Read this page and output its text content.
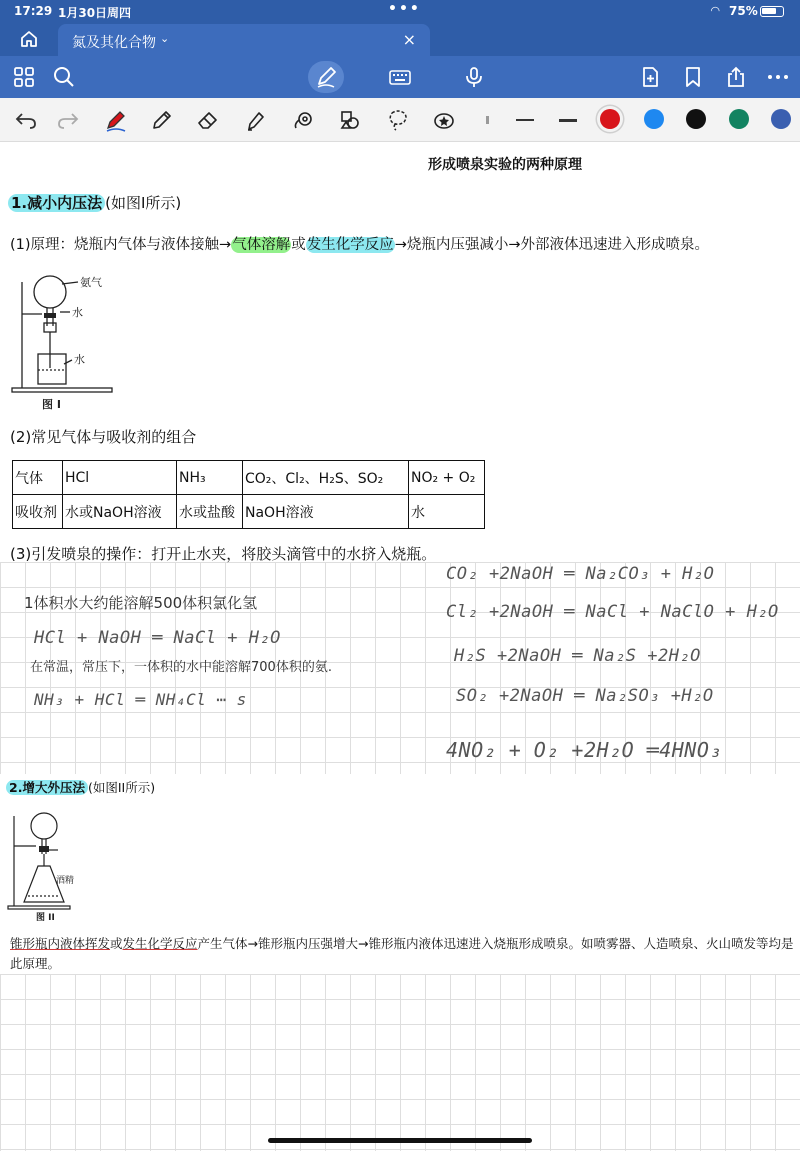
17:29 1月30日周四	•••	◠ 75%
氮及其化合物 ⌄	×
形成喷泉实验的两种原理
1.减小内压法 (如图I所示)
(1)原理：烧瓶内气体与液体接触→气体溶解或发生化学反应→烧瓶内压强减小→外部液体迅速进入形成喷泉。
氨气
水
水
图 I
(2)常见气体与吸收剂的组合
气体	HCl	NH₃	CO₂、Cl₂、H₂S、SO₂	NO₂ + O₂
吸收剂	水或NaOH溶液	水或盐酸	NaOH溶液	水
(3)引发喷泉的操作：打开止水夹，将胶头滴管中的水挤入烧瓶。
1体积水大约能溶解500体积氯化氢
HCl + NaOH ═ NaCl + H₂O
在常温，常压下，一体积的水中能溶解700体积的氨.
NH₃ + HCl ═ NH₄Cl ⋯ s
CO₂ +2NaOH ═ Na₂CO₃ + H₂O
Cl₂ +2NaOH ═ NaCl + NaClO + H₂O
H₂S +2NaOH ═ Na₂S +2H₂O
SO₂ +2NaOH ═ Na₂SO₃ +H₂O
4NO₂ + O₂ +2H₂O ═4HNO₃
2.增大外压法 (如图II所示)
酒精
图 II
锥形瓶内液体挥发或发生化学反应产生气体→锥形瓶内压强增大→锥形瓶内液体迅速进入烧瓶形成喷泉。如喷雾器、人造喷泉、火山喷发等均是此原理。
